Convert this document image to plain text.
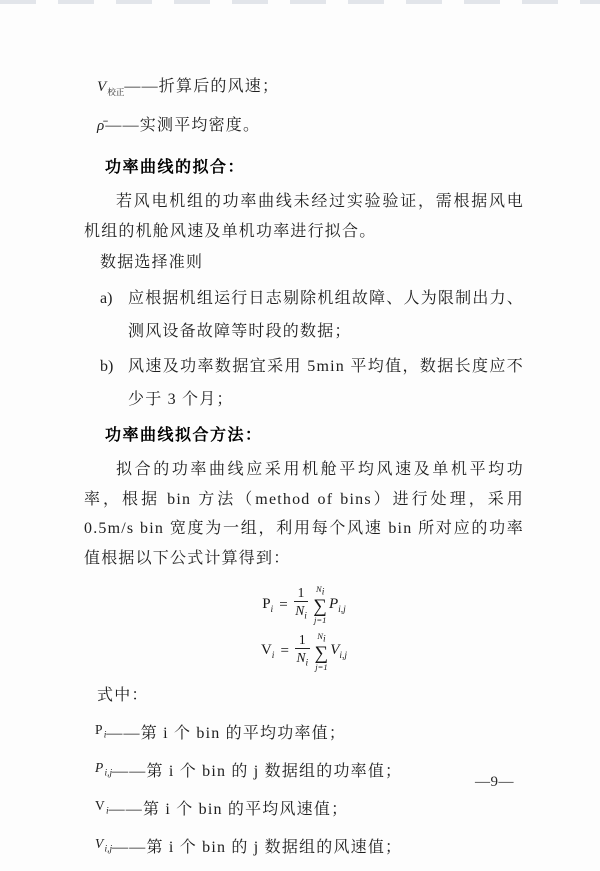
$V_{校正}——$折算后的风速；
ρ̄——实测平均密度。
功率曲线的拟合：
若风电机组的功率曲线未经过实验验证，需根据风电机组的机舱风速及单机功率进行拟合。
数据选择准则
a) 应根据机组运行日志剔除机组故障、人为限制出力、测风设备故障等时段的数据；
b) 风速及功率数据宜采用 5min 平均值，数据长度应不少于 3 个月；
功率曲线拟合方法：
拟合的功率曲线应采用机舱平均风速及单机平均功率，根据 bin 方法（method of bins）进行处理，采用 0.5m/s bin 宽度为一组，利用每个风速 bin 所对应的功率值根据以下公式计算得到：
$P_i = \frac{1}{N_i} N_i$
∑
j=1
$P_{i,j}$
$V_i = \frac{1}{N_i} N_i$
∑
j=1
$V_{i,j}$
式中：
$^{P_i}$——第 i 个 bin 的平均功率值；
$^{P_{i,j}}$——第 i 个 bin 的 j 数据组的功率值；
$^{V_i}$——第 i 个 bin 的平均风速值；
$^{V_{i,j}}$——第 i 个 bin 的 j 数据组的风速值；
—9—
